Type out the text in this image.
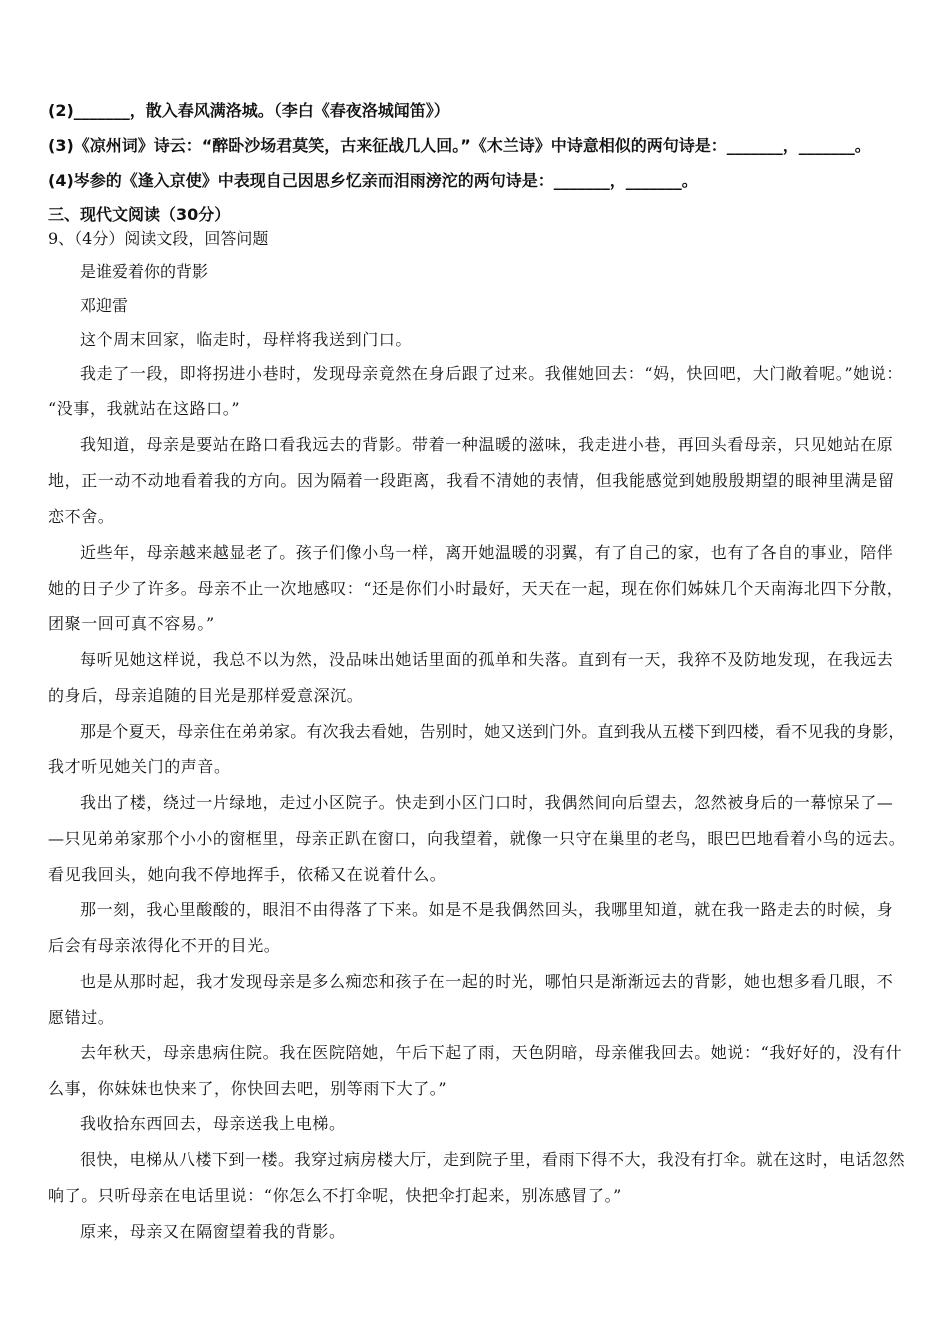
(2)_______，散入春风满洛城。（李白《春夜洛城闻笛》）
(3)《凉州词》诗云：“醉卧沙场君莫笑，古来征战几人回。”《木兰诗》中诗意相似的两句诗是：_______，_______。
(4)岑参的《逢入京使》中表现自己因思乡忆亲而泪雨滂沱的两句诗是：_______，_______。
三、现代文阅读（30分）
9、（4分）阅读文段，回答问题
是谁爱着你的背影
邓迎雷
这个周末回家，临走时，母样将我送到门口。
我走了一段，即将拐进小巷时，发现母亲竟然在身后跟了过来。我催她回去：“妈，快回吧，大门敞着呢。”她说：
“没事，我就站在这路口。”
我知道，母亲是要站在路口看我远去的背影。带着一种温暖的滋味，我走进小巷，再回头看母亲，只见她站在原
地，正一动不动地看着我的方向。因为隔着一段距离，我看不清她的表情，但我能感觉到她殷殷期望的眼神里满是留
恋不舍。
近些年，母亲越来越显老了。孩子们像小鸟一样，离开她温暖的羽翼，有了自己的家，也有了各自的事业，陪伴
她的日子少了许多。母亲不止一次地感叹：“还是你们小时最好，天天在一起，现在你们姊妹几个天南海北四下分散，
团聚一回可真不容易。”
每听见她这样说，我总不以为然，没品味出她话里面的孤单和失落。直到有一天，我猝不及防地发现，在我远去
的身后，母亲追随的目光是那样爱意深沉。
那是个夏天，母亲住在弟弟家。有次我去看她，告别时，她又送到门外。直到我从五楼下到四楼，看不见我的身影，
我才听见她关门的声音。
我出了楼，绕过一片绿地，走过小区院子。快走到小区门口时，我偶然间向后望去，忽然被身后的一幕惊呆了—
—只见弟弟家那个小小的窗框里，母亲正趴在窗口，向我望着，就像一只守在巢里的老鸟，眼巴巴地看着小鸟的远去。
看见我回头，她向我不停地挥手，依稀又在说着什么。
那一刻，我心里酸酸的，眼泪不由得落了下来。如是不是我偶然回头，我哪里知道，就在我一路走去的时候，身
后会有母亲浓得化不开的目光。
也是从那时起，我才发现母亲是多么痴恋和孩子在一起的时光，哪怕只是渐渐远去的背影，她也想多看几眼，不
愿错过。
去年秋天，母亲患病住院。我在医院陪她，午后下起了雨，天色阴暗，母亲催我回去。她说：“我好好的，没有什
么事，你妹妹也快来了，你快回去吧，别等雨下大了。”
我收拾东西回去，母亲送我上电梯。
很快，电梯从八楼下到一楼。我穿过病房楼大厅，走到院子里，看雨下得不大，我没有打伞。就在这时，电话忽然
响了。只听母亲在电话里说：“你怎么不打伞呢，快把伞打起来，别冻感冒了。”
原来，母亲又在隔窗望着我的背影。
